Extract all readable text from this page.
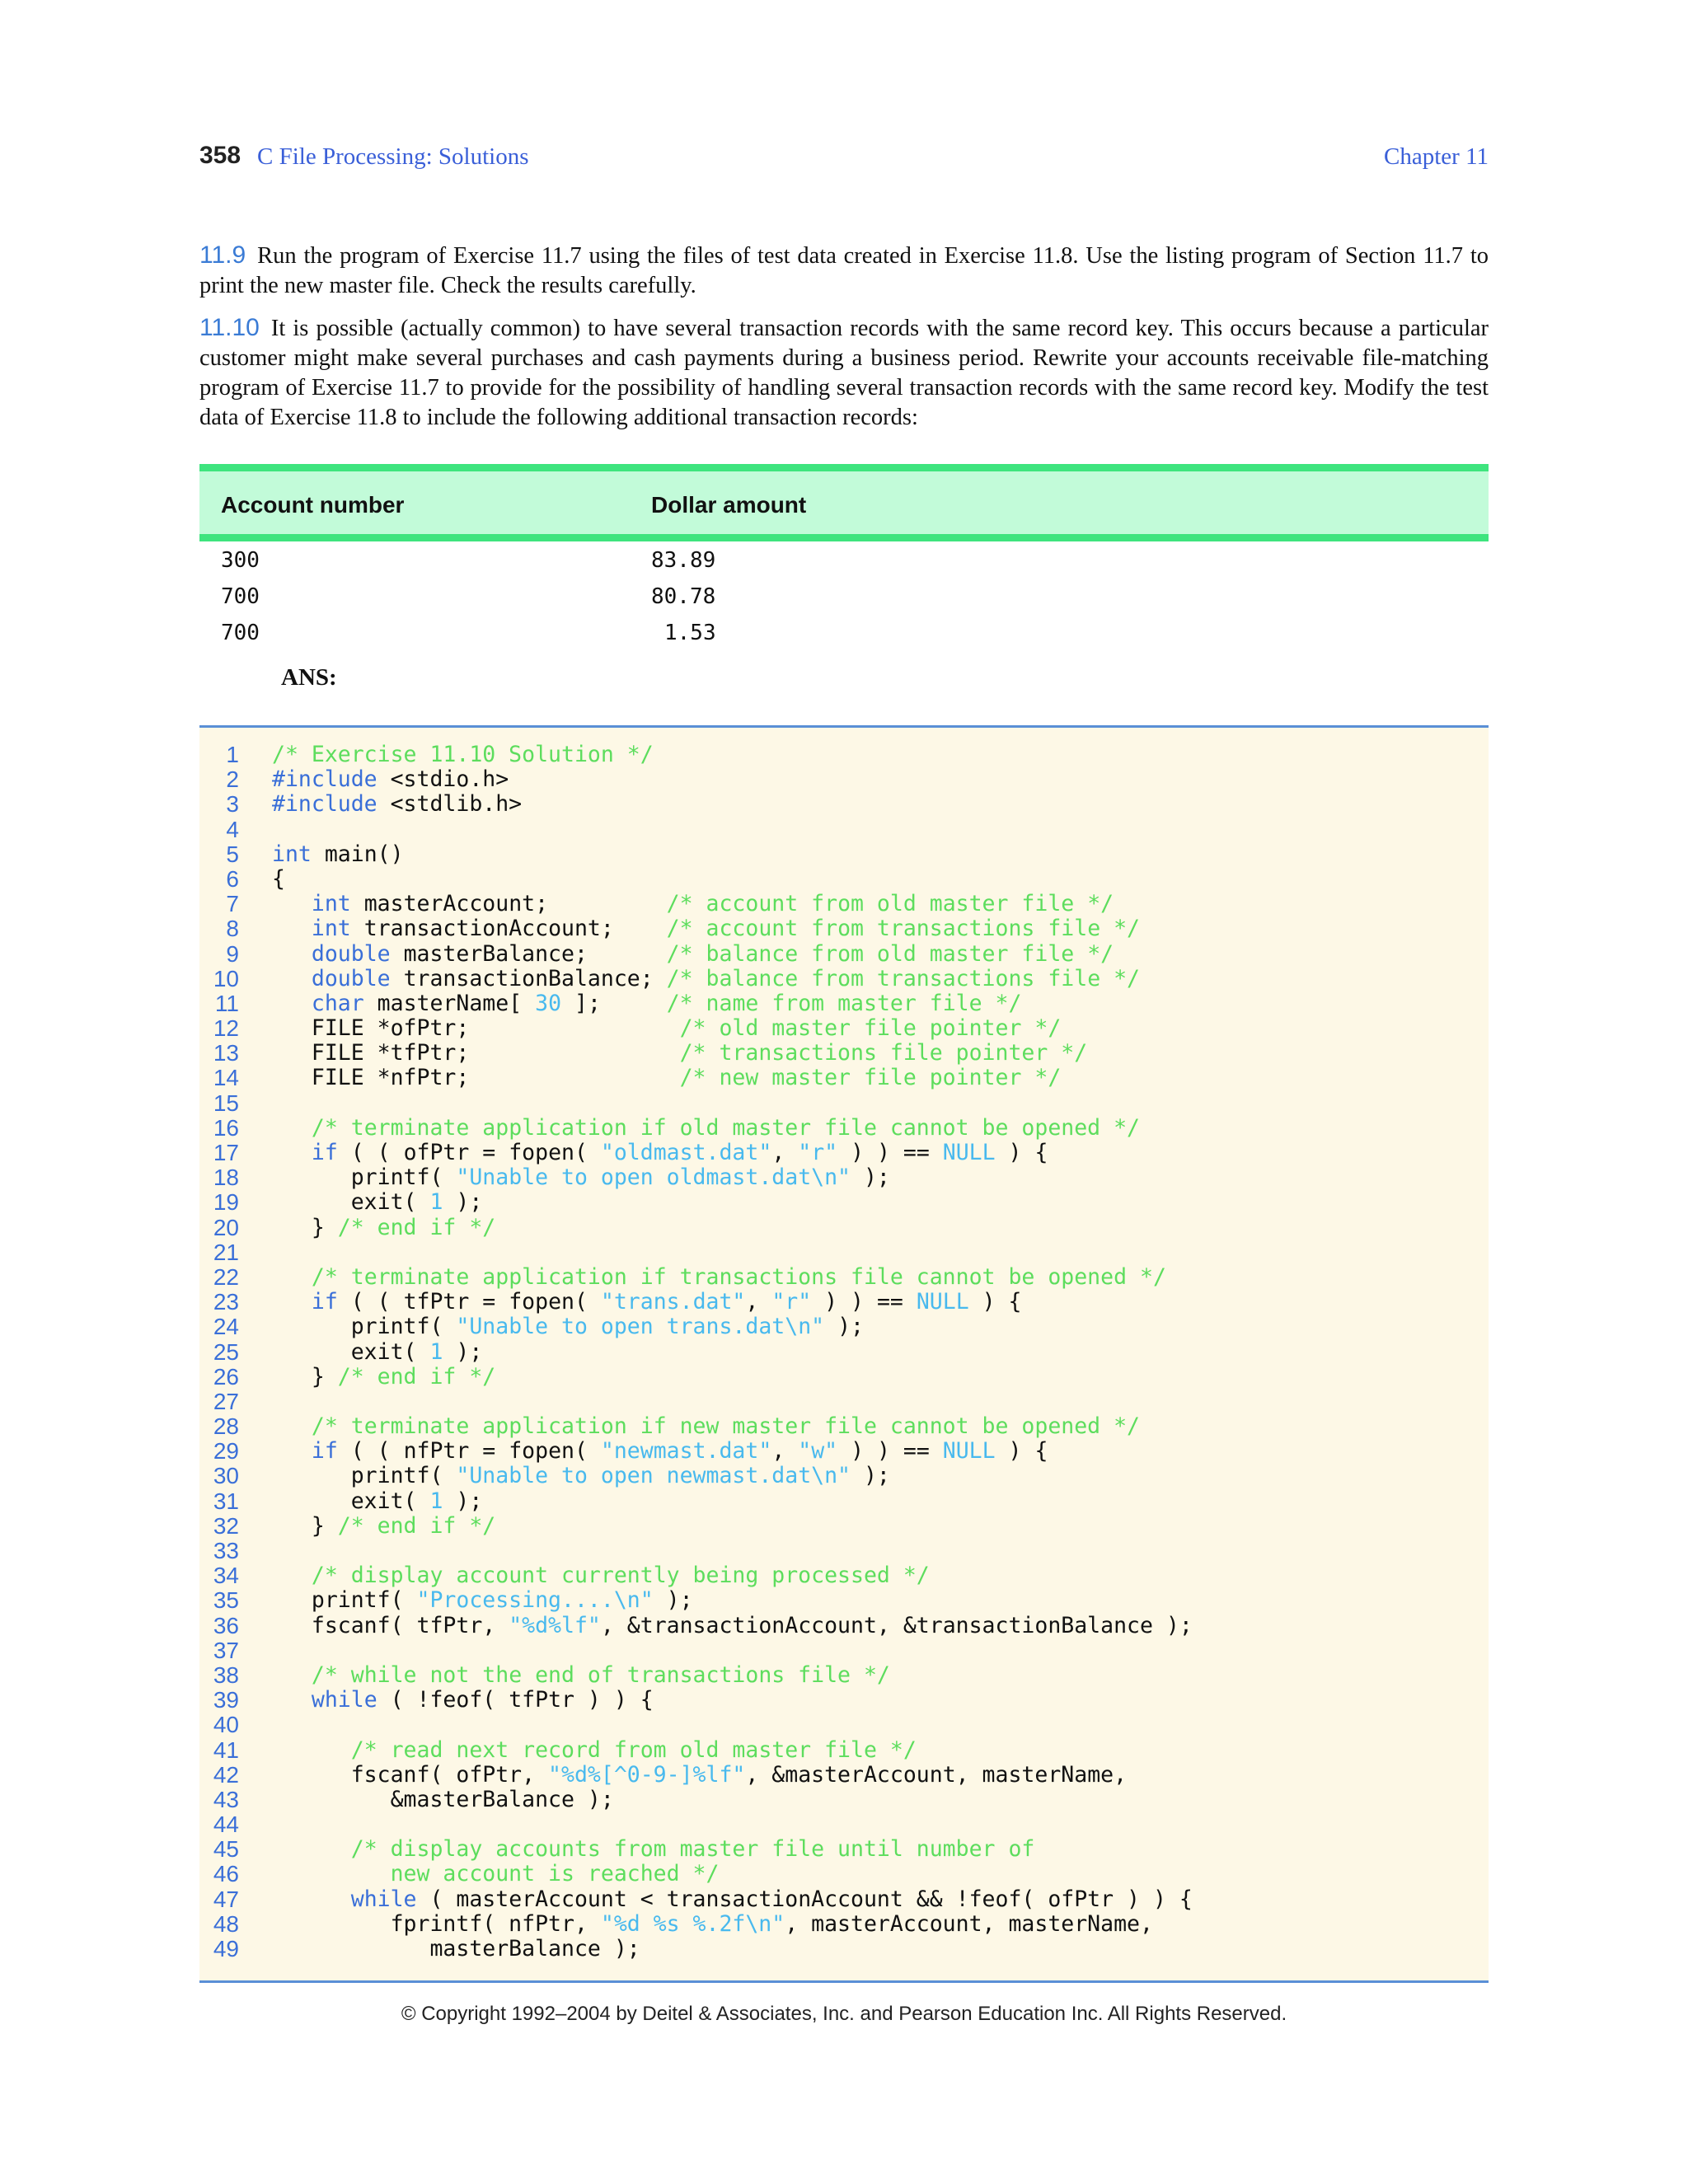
358 C File Processing: Solutions	Chapter 11
11.9 Run the program of Exercise 11.7 using the files of test data created in Exercise 11.8. Use the listing program of Section 11.7 to print the new master file. Check the results carefully.
11.10 It is possible (actually common) to have several transaction records with the same record key. This occurs because a particular customer might make several purchases and cash payments during a business period. Rewrite your accounts receivable file-matching program of Exercise 11.7 to provide for the possibility of handling several transaction records with the same record key. Modify the test data of Exercise 11.8 to include the following additional transaction records:
Account number	Dollar amount
300	83.89
700	80.78
700	1.53
ANS:
1 /* Exercise 11.10 Solution */
2 #include <stdio.h>
3 #include <stdlib.h>
4
5 int main()
6 {
7	int masterAccount;         /* account from old master file */
8	int transactionAccount;    /* account from transactions file */
9	double masterBalance;      /* balance from old master file */
10	double transactionBalance; /* balance from transactions file */
11	char masterName[ 30 ];     /* name from master file */
12 FILE *ofPtr;                /* old master file pointer */
13 FILE *tfPtr;                /* transactions file pointer */
14 FILE *nfPtr;                /* new master file pointer */
15
16	/* terminate application if old master file cannot be opened */
17	if ( ( ofPtr = fopen( "oldmast.dat", "r" ) ) == NULL ) {
18 printf( "Unable to open oldmast.dat\n" );
19 exit( 1 );
20 } /* end if */
21
22	/* terminate application if transactions file cannot be opened */
23	if ( ( tfPtr = fopen( "trans.dat", "r" ) ) == NULL ) {
24 printf( "Unable to open trans.dat\n" );
25 exit( 1 );
26 } /* end if */
27
28	/* terminate application if new master file cannot be opened */
29	if ( ( nfPtr = fopen( "newmast.dat", "w" ) ) == NULL ) {
30 printf( "Unable to open newmast.dat\n" );
31 exit( 1 );
32 } /* end if */
33
34	/* display account currently being processed */
35 printf( "Processing....\n" );
36 fscanf( tfPtr, "%d%lf", &transactionAccount, &transactionBalance );
37
38	/* while not the end of transactions file */
39	while ( !feof( tfPtr ) ) {
40
41	/* read next record from old master file */
42 fscanf( ofPtr, "%d%[^0-9-]%lf", &masterAccount, masterName,
43 &masterBalance );
44
45	/* display accounts from master file until number of
46	new account is reached */
47	while ( masterAccount < transactionAccount && !feof( ofPtr ) ) {
48 fprintf( nfPtr, "%d %s %.2f\n", masterAccount, masterName,
49 masterBalance );
© Copyright 1992–2004 by Deitel & Associates, Inc. and Pearson Education Inc. All Rights Reserved.
